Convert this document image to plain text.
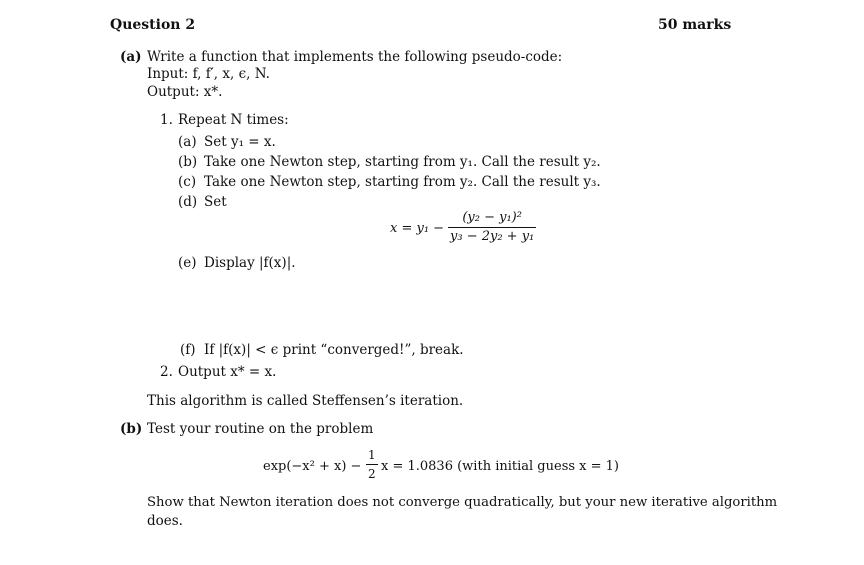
Question 2	50 marks
(a) Write a function that implements the following pseudo-code:
Input: f, f′, x, ϵ, N.
Output: x*.
1. Repeat N times:
(a) Set y₁ = x.
(b) Take one Newton step, starting from y₁. Call the result y₂.
(c) Take one Newton step, starting from y₂. Call the result y₃.
(d) Set
$x = y_1 - \frac{\text{(y₂ − y₁)²}}{\text{y₃ − 2y₂ + y₁}}$
(e) Display |f(x)|.
(f) If |f(x)| < ϵ print “converged!”, break.
2. Output x* = x.
This algorithm is called Steffensen’s iteration.
(b) Test your routine on the problem
$\exp(-x^2 + x) - \frac{1}{2}$ x = 1.0836 (with initial guess x = 1)
Show that Newton iteration does not converge quadratically, but your new iterative algorithm
does.
